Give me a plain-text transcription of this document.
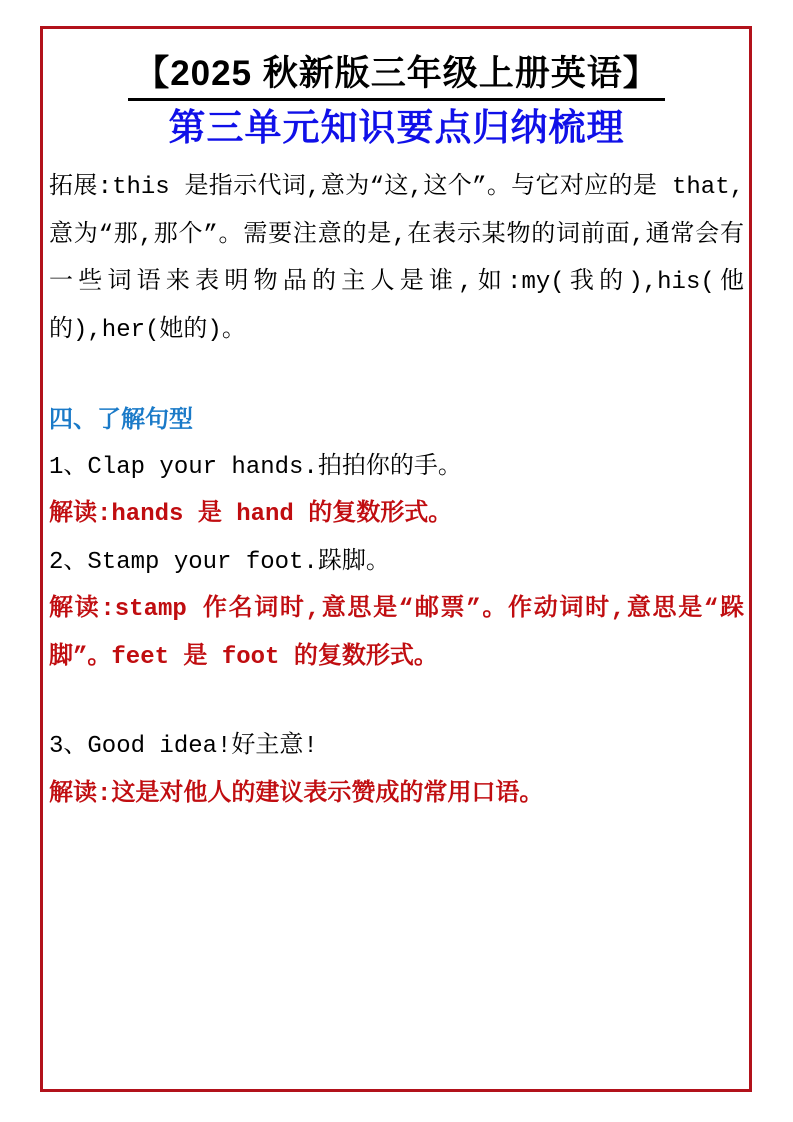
【2025 秋新版三年级上册英语】
第三单元知识要点归纳梳理

拓展:this 是指示代词,意为“这,这个”。与它对应的是 that,意为“那,那个”。需要注意的是,在表示某物的词前面,通常会有一些词语来表明物品的主人是谁,如:my(我的),his(他的),her(她的)。

四、了解句型

1、Clap your hands.拍拍你的手。

解读:hands 是 hand 的复数形式。

2、Stamp your foot.跺脚。

解读:stamp 作名词时,意思是“邮票”。作动词时,意思是“跺脚”。feet 是 foot 的复数形式。

3、Good idea!好主意!

解读:这是对他人的建议表示赞成的常用口语。
